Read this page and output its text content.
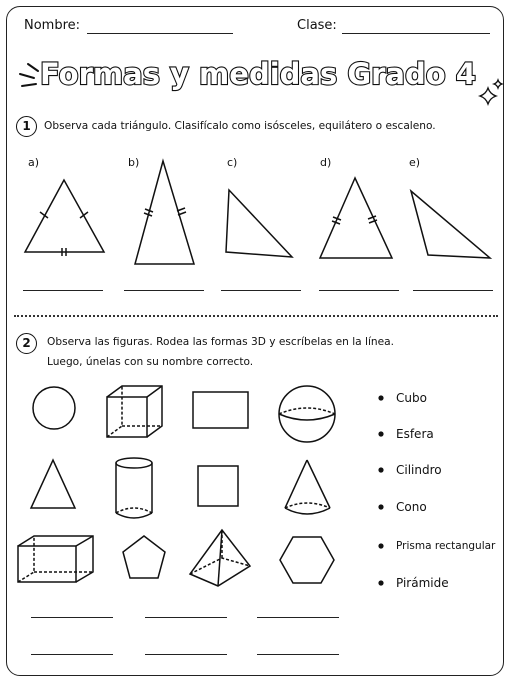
Nombre:	Clase:
Formas y medidas Grado 4
1	Observa cada triángulo. Clasifícalo como isósceles, equilátero o escaleno.
a)	b)	c)	d)	e)
2	Observa las figuras. Rodea las formas 3D y escríbelas en la línea.
Luego, únelas con su nombre correcto.
Cubo
Esfera
Cilindro
Cono
Prisma rectangular
Pirámide
